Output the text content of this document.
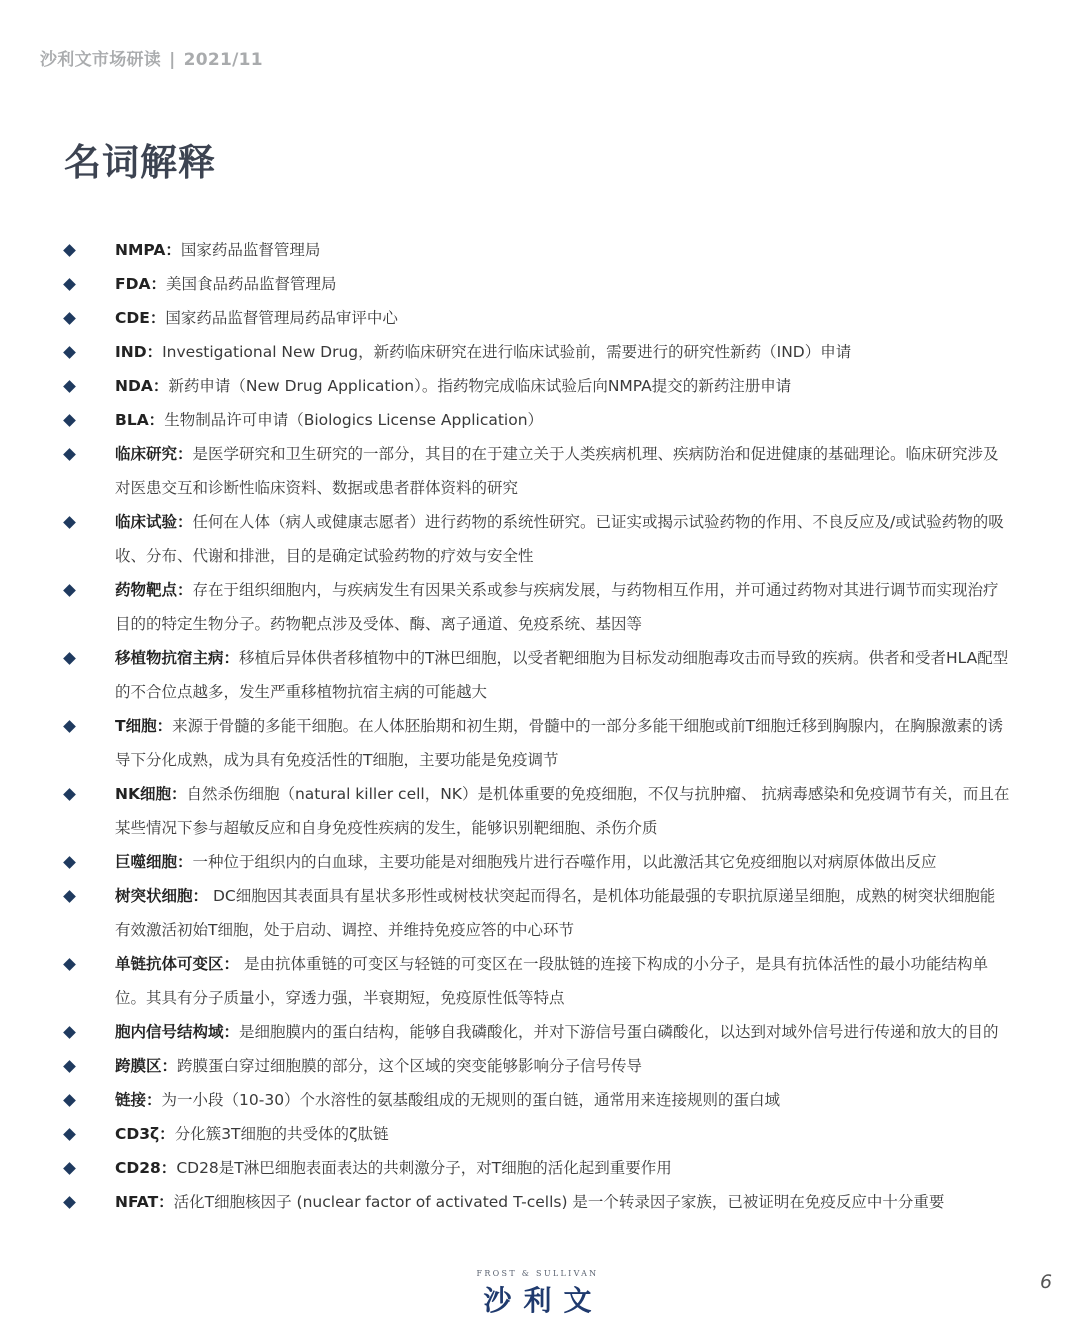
沙利文市场研读 | 2021/11
名词解释
NMPA：国家药品监督管理局
FDA：美国食品药品监督管理局
CDE：国家药品监督管理局药品审评中心
IND：Investigational New Drug，新药临床研究在进行临床试验前，需要进行的研究性新药（IND）申请
NDA：新药申请（New Drug Application）。指药物完成临床试验后向NMPA提交的新药注册申请
BLA：生物制品许可申请（Biologics License Application）
临床研究：是医学研究和卫生研究的一部分，其目的在于建立关于人类疾病机理、疾病防治和促进健康的基础理论。临床研究涉及对医患交互和诊断性临床资料、数据或患者群体资料的研究
临床试验：任何在人体（病人或健康志愿者）进行药物的系统性研究。已证实或揭示试验药物的作用、不良反应及/或试验药物的吸收、分布、代谢和排泄，目的是确定试验药物的疗效与安全性
药物靶点：存在于组织细胞内，与疾病发生有因果关系或参与疾病发展，与药物相互作用，并可通过药物对其进行调节而实现治疗目的的特定生物分子。药物靶点涉及受体、酶、离子通道、免疫系统、基因等
移植物抗宿主病：移植后异体供者移植物中的T淋巴细胞，以受者靶细胞为目标发动细胞毒攻击而导致的疾病。供者和受者HLA配型的不合位点越多，发生严重移植物抗宿主病的可能越大
T细胞：来源于骨髓的多能干细胞。在人体胚胎期和初生期，骨髓中的一部分多能干细胞或前T细胞迁移到胸腺内，在胸腺激素的诱导下分化成熟，成为具有免疫活性的T细胞，主要功能是免疫调节
NK细胞：自然杀伤细胞（natural killer cell，NK）是机体重要的免疫细胞，不仅与抗肿瘤、 抗病毒感染和免疫调节有关，而且在某些情况下参与超敏反应和自身免疫性疾病的发生，能够识别靶细胞、杀伤介质
巨噬细胞：一种位于组织内的白血球，主要功能是对细胞残片进行吞噬作用，以此激活其它免疫细胞以对病原体做出反应
树突状细胞： DC细胞因其表面具有星状多形性或树枝状突起而得名，是机体功能最强的专职抗原递呈细胞，成熟的树突状细胞能有效激活初始T细胞，处于启动、调控、并维持免疫应答的中心环节
单链抗体可变区： 是由抗体重链的可变区与轻链的可变区在一段肽链的连接下构成的小分子，是具有抗体活性的最小功能结构单位。其具有分子质量小，穿透力强，半衰期短，免疫原性低等特点
胞内信号结构域：是细胞膜内的蛋白结构，能够自我磷酸化，并对下游信号蛋白磷酸化，以达到对域外信号进行传递和放大的目的
跨膜区：跨膜蛋白穿过细胞膜的部分，这个区域的突变能够影响分子信号传导
链接：为一小段（10-30）个水溶性的氨基酸组成的无规则的蛋白链，通常用来连接规则的蛋白域
CD3ζ：分化簇3T细胞的共受体的ζ肽链
CD28：CD28是T淋巴细胞表面表达的共刺激分子，对T细胞的活化起到重要作用
NFAT：活化T细胞核因子 (nuclear factor of activated T-cells) 是一个转录因子家族，已被证明在免疫反应中十分重要
FROST & SULLIVAN
沙利文
6
